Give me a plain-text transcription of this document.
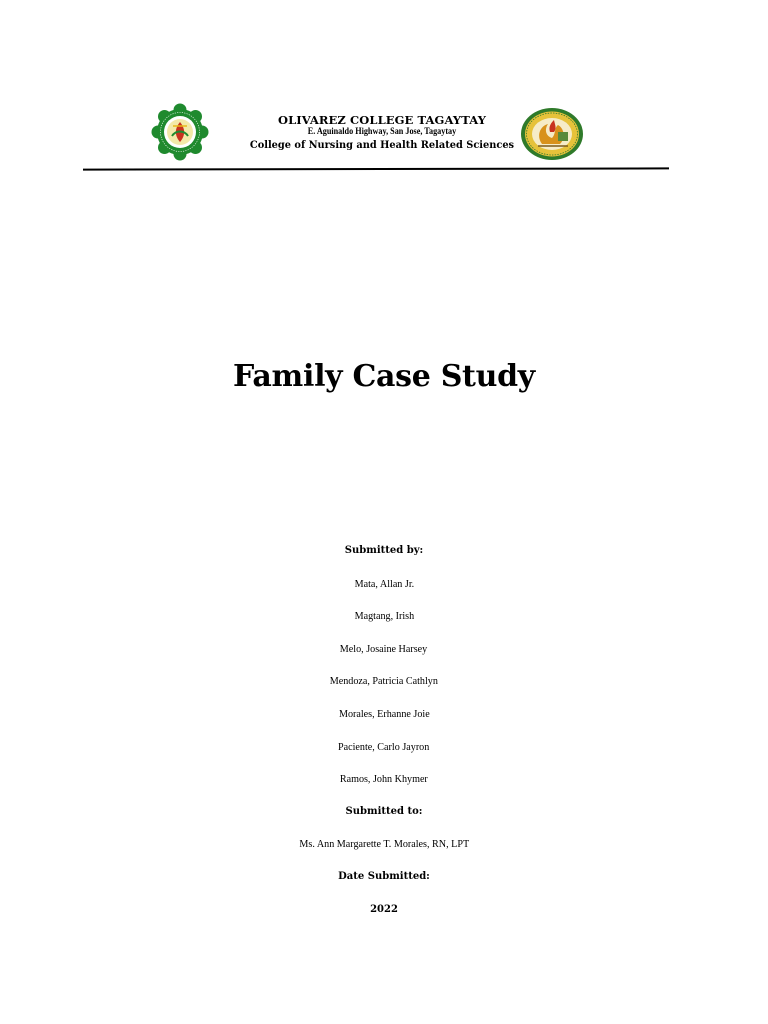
OLIVAREZ COLLEGE TAGAYTAY
E. Aguinaldo Highway, San Jose, Tagaytay
College of Nursing and Health Related Sciences
Family Case Study
Submitted by:
Mata, Allan Jr.
Magtang, Irish
Melo, Josaine Harsey
Mendoza, Patricia Cathlyn
Morales, Erhanne Joie
Paciente, Carlo Jayron
Ramos, John Khymer
Submitted to:
Ms. Ann Margarette T. Morales, RN, LPT
Date Submitted:
2022
